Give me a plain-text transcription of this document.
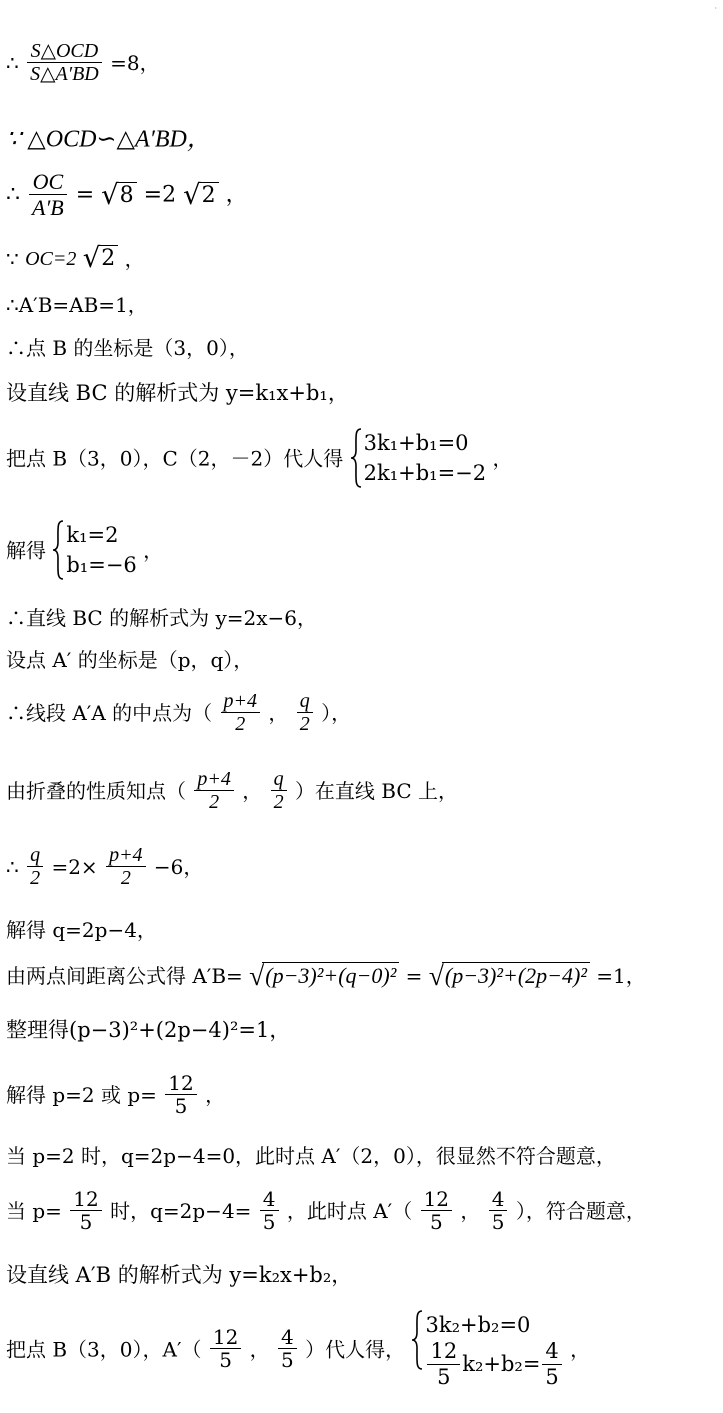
·
∴ $\frac{\text{S△OCD}}{S\triangle A'BD} =8$，
∵ △OCD∽△A′BD，
∴ $\frac{OC}{A'B} = √8 =2$ √2 ，
∵ OC=2 √2 ，
∴A′B=AB=1，
∴点 B 的坐标是（3，0），
设直线 BC 的解析式为 y=k₁x+b₁，
把点 B（3，0），C（2，－2）代人得
3k₁+b₁=0
2k₁+b₁=−2
，
解得
k₁=2
b₁=−6
，
∴直线 BC 的解析式为 y=2x−6，
设点 A′ 的坐标是（p，q），
∴线段 A′A 的中点为（ $\frac{p+4}{2}$ ， $\frac{q}{2}$ ），
由折叠的性质知点（ $\frac{p+4}{2}$ ， $\frac{q}{2}$ ）在直线 BC 上，
∴ $\frac{q}{2} =2\times \frac{p+4}{2} -6$，
解得 q=2p−4，
由两点间距离公式得 A′B= √(p−3)²+(q−0)² = √(p−3)²+(2p−4)² =1，
整理得(p−3)²+(2p−4)²=1，
解得 p=2 或 $p= \frac{12}{5}$ ，
当 p=2 时，q=2p−4=0，此时点 A′（2，0），很显然不符合题意，
当 $p= \frac{12}{5}$ 时，$q=2p-4= \frac{4}{5}$ ，此时点 $A'( \frac{12}{5}$ ， $\frac{4}{5}$ ），符合题意，
设直线 A′B 的解析式为 y=k₂x+b₂，
把点 B（3，0），$A'( \frac{12}{5}$ ， $\frac{4}{5}$ ）代人得，
3k₂+b₂=0
$\frac{12}{5} k_2+b_2= \frac{4}{5}$ ，
